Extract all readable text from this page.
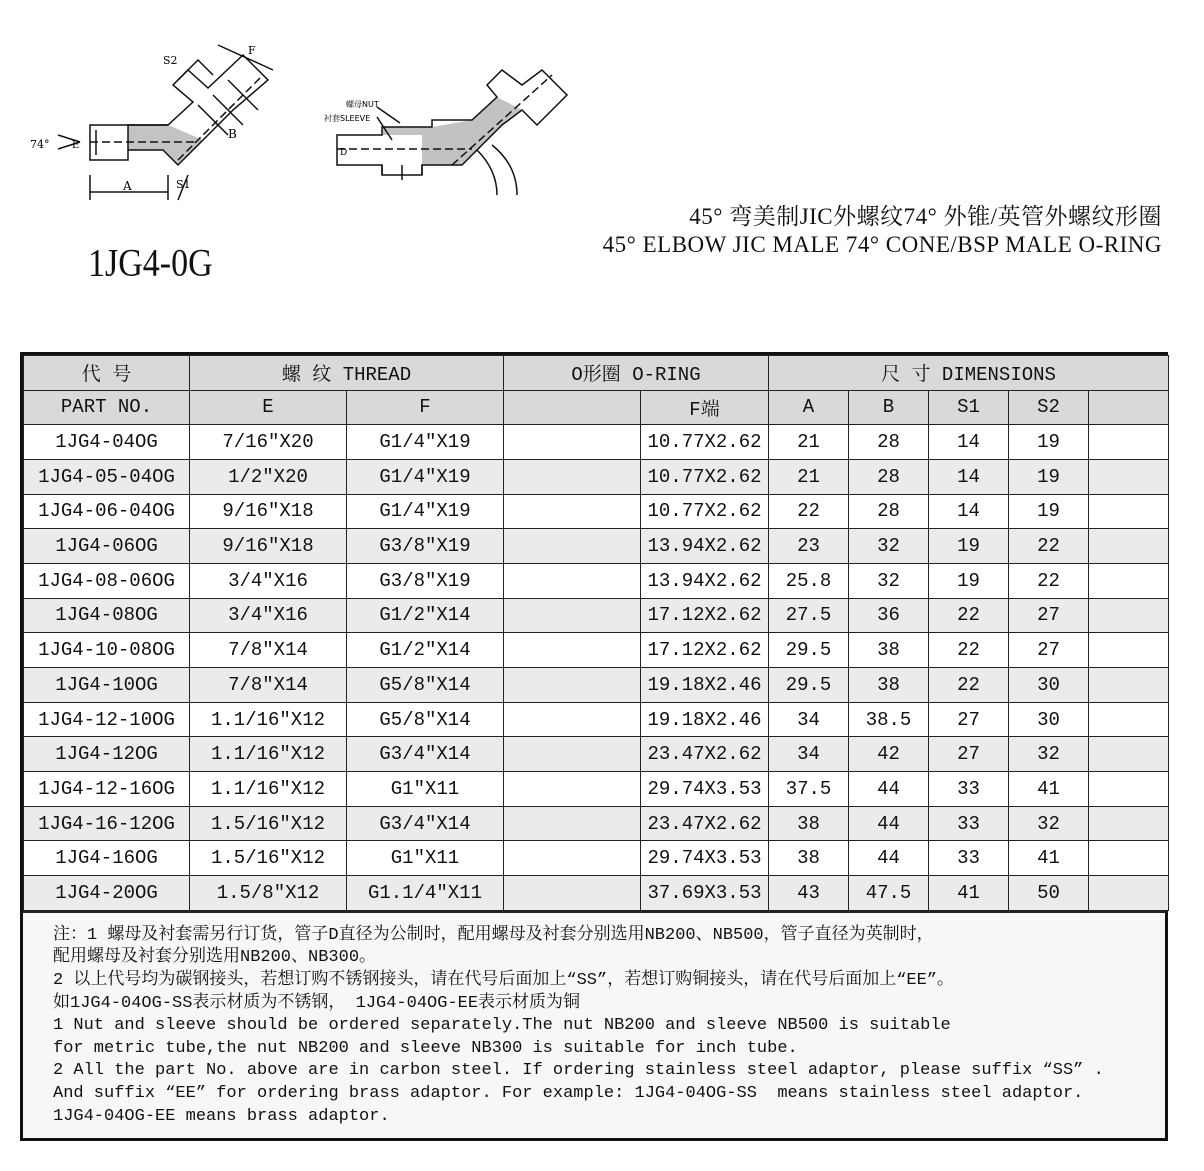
74°
S2
S1
A
B
E
F
螺母NUT
衬套SLEEVE
D
1JG4-0G
45° 弯美制JIC外螺纹74° 外锥/英管外螺纹形圈
45° ELBOW JIC MALE 74° CONE/BSP MALE O-RING
代 号	螺 纹 THREAD		O形圈 O-RING		尺 寸 DIMENSIONS				
PART NO.	E	F		F端	A	B	S1	S2	
1JG4-04OG	7/16″X20	G1/4″X19		10.77X2.62	21	28	14	19	
1JG4-05-04OG	1/2″X20	G1/4″X19		10.77X2.62	21	28	14	19	
1JG4-06-04OG	9/16″X18	G1/4″X19		10.77X2.62	22	28	14	19	
1JG4-06OG	9/16″X18	G3/8″X19		13.94X2.62	23	32	19	22	
1JG4-08-06OG	3/4″X16	G3/8″X19		13.94X2.62	25.8	32	19	22	
1JG4-08OG	3/4″X16	G1/2″X14		17.12X2.62	27.5	36	22	27	
1JG4-10-08OG	7/8″X14	G1/2″X14		17.12X2.62	29.5	38	22	27	
1JG4-10OG	7/8″X14	G5/8″X14		19.18X2.46	29.5	38	22	30	
1JG4-12-10OG	1.1/16″X12	G5/8″X14		19.18X2.46	34	38.5	27	30	
1JG4-12OG	1.1/16″X12	G3/4″X14		23.47X2.62	34	42	27	32	
1JG4-12-16OG	1.1/16″X12	G1″X11		29.74X3.53	37.5	44	33	41	
1JG4-16-12OG	1.5/16″X12	G3/4″X14		23.47X2.62	38	44	33	32	
1JG4-16OG	1.5/16″X12	G1″X11		29.74X3.53	38	44	33	41	
1JG4-20OG	1.5/8″X12	G1.1/4″X11		37.69X3.53	43	47.5	41	50	
注：1 螺母及衬套需另行订货，管子D直径为公制时，配用螺母及衬套分别选用NB200、NB500，管子直径为英制时，
配用螺母及衬套分别选用NB200、NB300。
2 以上代号均为碳钢接头，若想订购不锈钢接头，请在代号后面加上“SS”，若想订购铜接头，请在代号后面加上“EE”。
如1JG4-04OG-SS表示材质为不锈钢， 1JG4-04OG-EE表示材质为铜
1 Nut and sleeve should be ordered separately.The nut NB200 and sleeve NB500 is suitable
for metric tube,the nut NB200 and sleeve NB300 is suitable for inch tube.
2 All the part No. above are in carbon steel. If ordering stainless steel adaptor, please suffix “SS” .
And suffix “EE” for ordering brass adaptor. For example: 1JG4-04OG-SS  means stainless steel adaptor.
1JG4-04OG-EE means brass adaptor.
